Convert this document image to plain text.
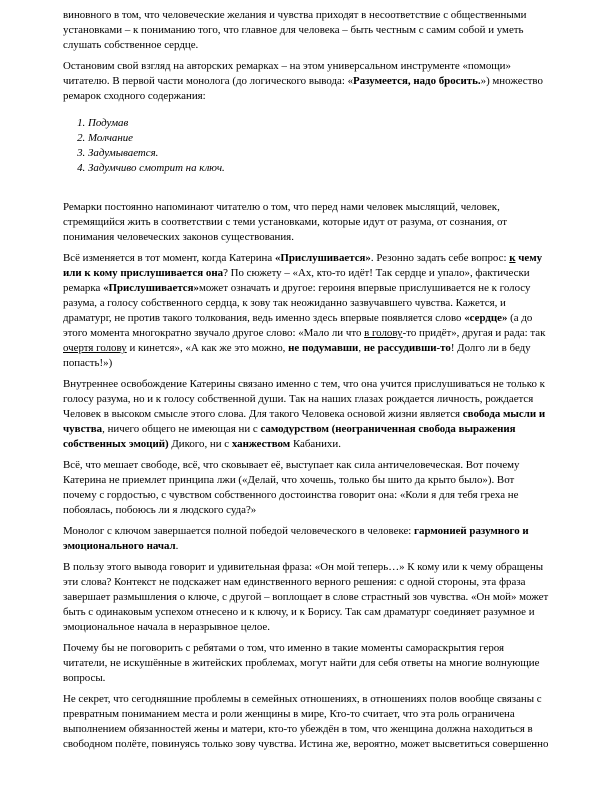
виновного в том, что человеческие желания и чувства приходят в несоответствие с общественными установками – к пониманию того, что главное для человека – быть честным с самим собой и уметь слушать собственное сердце.

Остановим свой взгляд на авторских ремарках – на этом универсальном инструменте «помощи» читателю. В первой части монолога (до логического вывода: «Разумеется, надо бросить.») множество ремарок сходного содержания:

1. Подумав
2. Молчание
3. Задумывается.
4. Задумчиво смотрит на ключ.

Ремарки постоянно напоминают читателю о том, что перед нами человек мыслящий, человек, стремящийся жить в соответствии с теми установками, которые идут от разума, от сознания, от понимания человеческих законов существования.

Всё изменяется в тот момент, когда Катерина «Прислушивается». Резонно задать себе вопрос: к чему или к кому прислушивается она? По сюжету – «Ах, кто-то идёт! Так сердце и упало», фактически ремарка «Прислушивается»может означать и другое: героиня впервые прислушивается не к голосу разума, а голосу собственного сердца, к зову так неожиданно зазвучавшего чувства. Кажется, и драматург, не против такого толкования, ведь именно здесь впервые появляется слово «сердце» (а до этого момента многократно звучало другое слово: «Мало ли что в голову-то придёт», другая и рада: так очертя голову и кинется», «А как же это можно, не подумавши, не рассудивши-то! Долго ли в беду попасть!»)

Внутреннее освобождение Катерины связано именно с тем, что она учится прислушиваться не только к голосу разума, но и к голосу собственной души. Так на наших глазах рождается личность, рождается Человек в высоком смысле этого слова. Для такого Человека основой жизни является свобода мысли и чувства, ничего общего не имеющая ни с самодурством (неограниченная свобода выражения собственных эмоций) Дикого, ни с ханжеством Кабанихи.

Всё, что мешает свободе, всё, что сковывает её, выступает как сила античеловеческая. Вот почему Катерина не приемлет принципа лжи («Делай, что хочешь, только бы шито да крыто было»). Вот почему с гордостью, с чувством собственного достоинства говорит она: «Коли я для тебя греха не побоялась, побоюсь ли я людского суда?»

Монолог с ключом завершается полной победой человеческого в человеке: гармонией разумного и эмоционального начал.

В пользу этого вывода говорит и удивительная фраза: «Он мой теперь…» К кому или к чему обращены эти слова? Контекст не подскажет нам единственного верного решения: с одной стороны, эта фраза завершает размышления о ключе, с другой – воплощает в слове страстный зов чувства. «Он мой» может быть с одинаковым успехом отнесено и к ключу, и к Борису. Так сам драматург соединяет разумное и эмоциональное начала в неразрывное целое.

Почему бы не поговорить с ребятами о том, что именно в такие моменты самораскрытия героя читатели, не искушённые в житейских проблемах, могут найти для себя ответы на многие волнующие вопросы.

Не секрет, что сегодняшние проблемы в семейных отношениях, в отношениях полов вообще связаны с превратным пониманием места и роли женщины в мире, Кто-то считает, что эта роль ограничена выполнением обязанностей жены и матери, кто-то убеждён в том, что женщина должна находиться в свободном полёте, повинуясь только зову чувства. Истина же, вероятно, может высветиться совершенно
